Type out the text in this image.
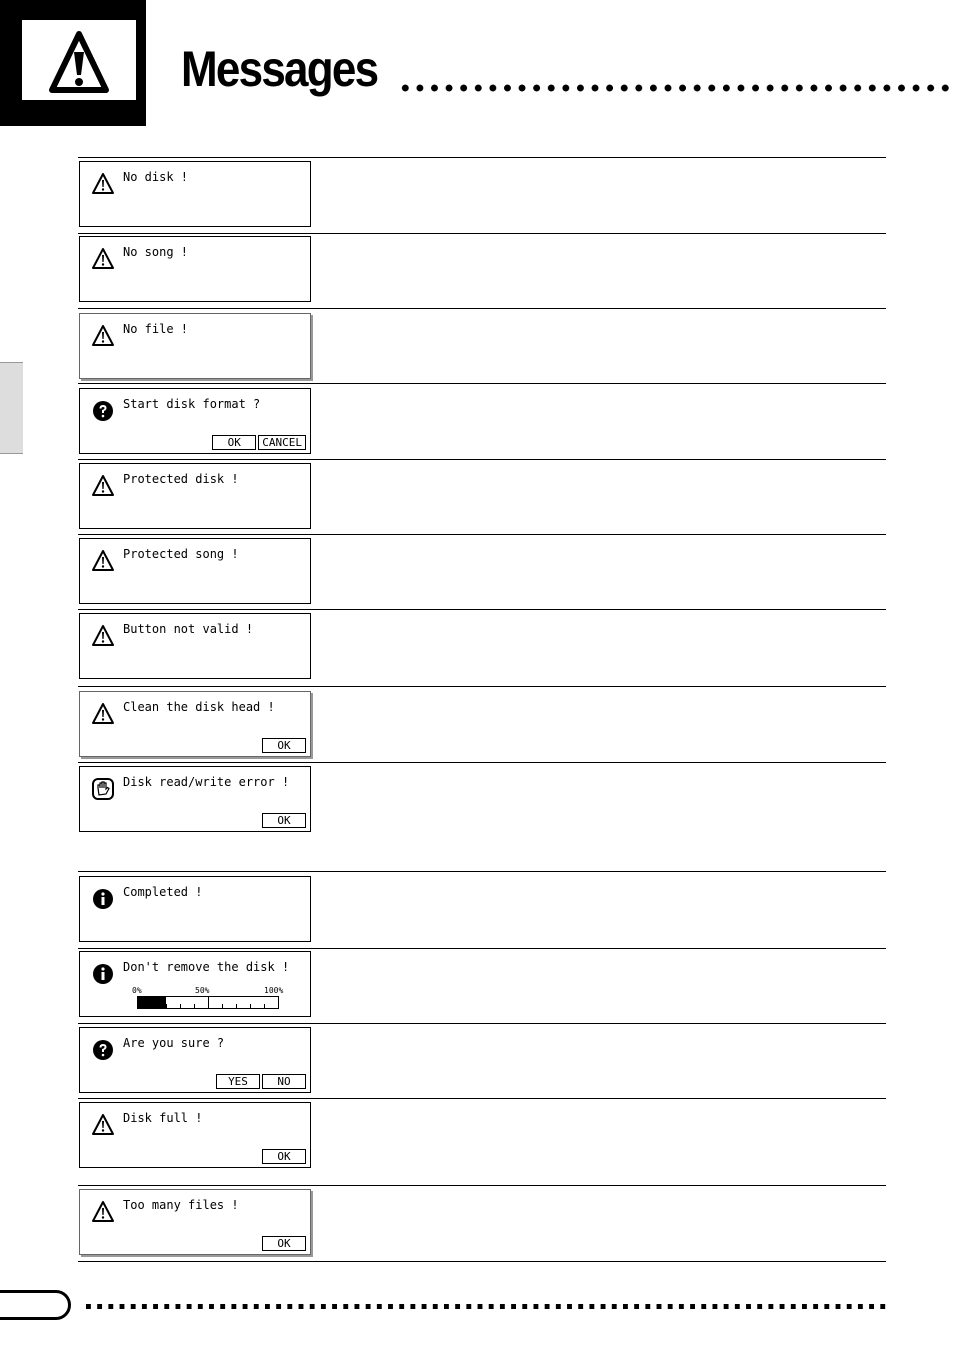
Messages
No disk !
No song !
No file !
Start disk format ?
OK	CANCEL
Protected disk !
Protected song !
Button not valid !
Clean the disk head !
OK
Disk read/write error !
OK
Completed !
Don't remove the disk !
0%	50%	100%
Are you sure ?
YES	NO
Disk full !
OK
Too many files !
OK
